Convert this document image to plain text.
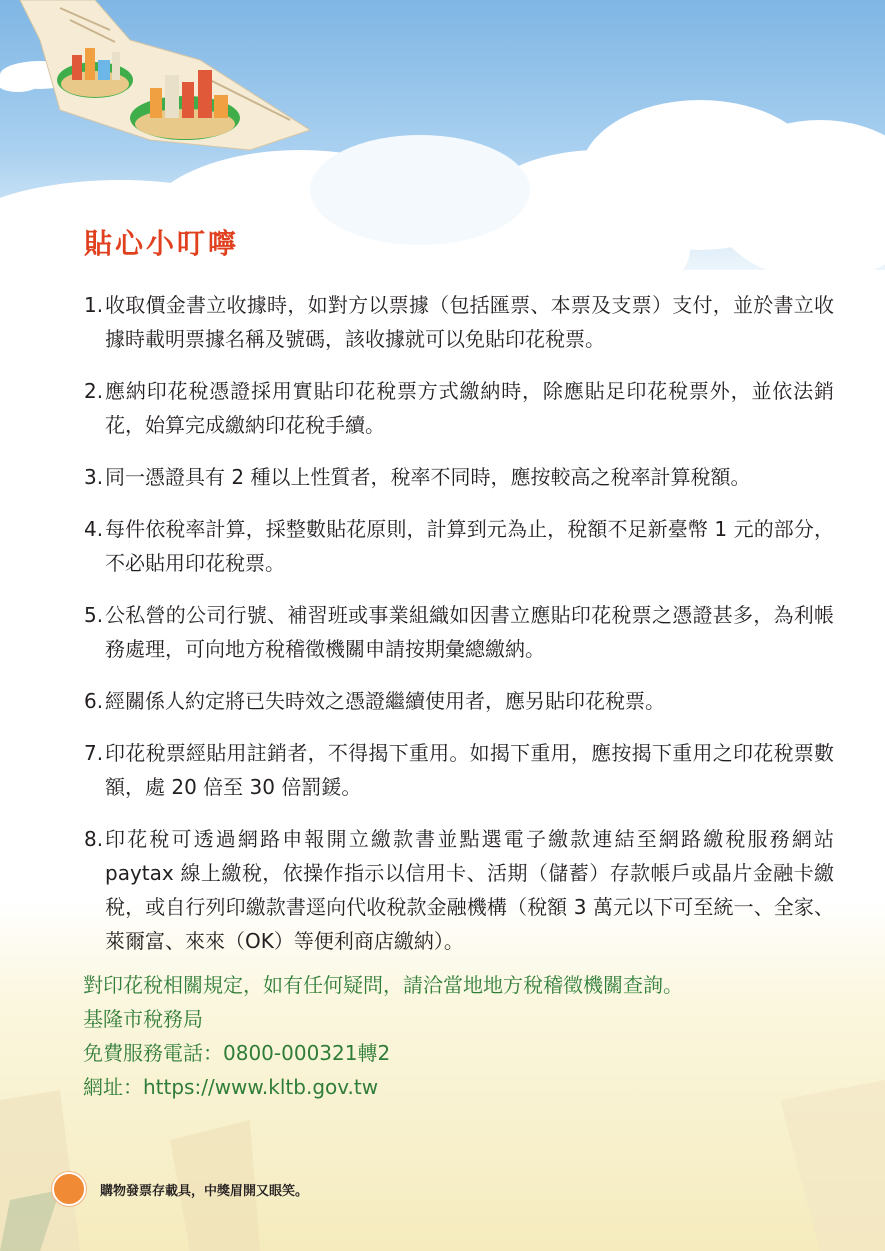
貼心小叮嚀
1. 收取價金書立收據時，如對方以票據（包括匯票、本票及支票）支付，並於書立收據時載明票據名稱及號碼，該收據就可以免貼印花稅票。
2. 應納印花稅憑證採用實貼印花稅票方式繳納時，除應貼足印花稅票外，並依法銷花，始算完成繳納印花稅手續。
3. 同一憑證具有 2 種以上性質者，稅率不同時，應按較高之稅率計算稅額。
4. 每件依稅率計算，採整數貼花原則，計算到元為止，稅額不足新臺幣 1 元的部分，不必貼用印花稅票。
5. 公私營的公司行號、補習班或事業組織如因書立應貼印花稅票之憑證甚多，為利帳務處理，可向地方稅稽徵機關申請按期彙總繳納。
6. 經關係人約定將已失時效之憑證繼續使用者，應另貼印花稅票。
7. 印花稅票經貼用註銷者，不得揭下重用。如揭下重用，應按揭下重用之印花稅票數額，處 20 倍至 30 倍罰鍰。
8. 印花稅可透過網路申報開立繳款書並點選電子繳款連結至網路繳稅服務網站 paytax 線上繳稅，依操作指示以信用卡、活期（儲蓄）存款帳戶或晶片金融卡繳稅，或自行列印繳款書逕向代收稅款金融機構（稅額 3 萬元以下可至統一、全家、萊爾富、來來（OK）等便利商店繳納）。
對印花稅相關規定，如有任何疑問，請洽當地地方稅稽徵機關查詢。
基隆市稅務局
免費服務電話：0800-000321轉2
網址：https://www.kltb.gov.tw
購物發票存載具，中獎眉開又眼笑。
